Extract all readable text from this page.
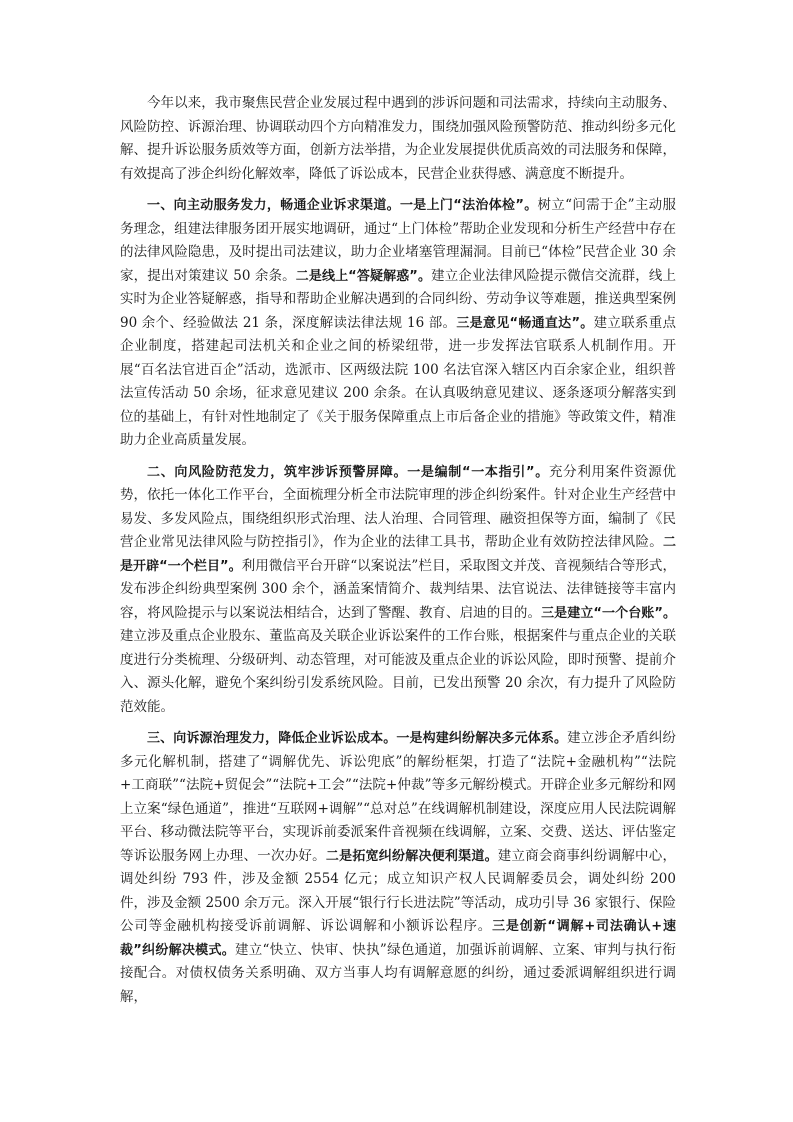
今年以来，我市聚焦民营企业发展过程中遇到的涉诉问题和司法需求，持续向主动服务、风险防控、诉源治理、协调联动四个方向精准发力，围绕加强风险预警防范、推动纠纷多元化解、提升诉讼服务质效等方面，创新方法举措，为企业发展提供优质高效的司法服务和保障，有效提高了涉企纠纷化解效率，降低了诉讼成本，民营企业获得感、满意度不断提升。

一、向主动服务发力，畅通企业诉求渠道。一是上门“法治体检”。树立“问需于企”主动服务理念，组建法律服务团开展实地调研，通过“上门体检”帮助企业发现和分析生产经营中存在的法律风险隐患，及时提出司法建议，助力企业堵塞管理漏洞。目前已“体检”民营企业 30 余家，提出对策建议 50 余条。二是线上“答疑解惑”。建立企业法律风险提示微信交流群，线上实时为企业答疑解惑，指导和帮助企业解决遇到的合同纠纷、劳动争议等难题，推送典型案例 90 余个、经验做法 21 条，深度解读法律法规 16 部。三是意见“畅通直达”。建立联系重点企业制度，搭建起司法机关和企业之间的桥梁纽带，进一步发挥法官联系人机制作用。开展“百名法官进百企”活动，选派市、区两级法院 100 名法官深入辖区内百余家企业，组织普法宣传活动 50 余场，征求意见建议 200 余条。在认真吸纳意见建议、逐条逐项分解落实到位的基础上，有针对性地制定了《关于服务保障重点上市后备企业的措施》等政策文件，精准助力企业高质量发展。

二、向风险防范发力，筑牢涉诉预警屏障。一是编制“一本指引”。充分利用案件资源优势，依托一体化工作平台，全面梳理分析全市法院审理的涉企纠纷案件。针对企业生产经营中易发、多发风险点，围绕组织形式治理、法人治理、合同管理、融资担保等方面，编制了《民营企业常见法律风险与防控指引》，作为企业的法律工具书，帮助企业有效防控法律风险。二是开辟“一个栏目”。利用微信平台开辟“以案说法”栏目，采取图文并茂、音视频结合等形式，发布涉企纠纷典型案例 300 余个，涵盖案情简介、裁判结果、法官说法、法律链接等丰富内容，将风险提示与以案说法相结合，达到了警醒、教育、启迪的目的。三是建立“一个台账”。建立涉及重点企业股东、董监高及关联企业诉讼案件的工作台账，根据案件与重点企业的关联度进行分类梳理、分级研判、动态管理，对可能波及重点企业的诉讼风险，即时预警、提前介入、源头化解，避免个案纠纷引发系统风险。目前，已发出预警 20 余次，有力提升了风险防范效能。

三、向诉源治理发力，降低企业诉讼成本。一是构建纠纷解决多元体系。建立涉企矛盾纠纷多元化解机制，搭建了“调解优先、诉讼兜底”的解纷框架，打造了“法院+金融机构”“法院+工商联”“法院+贸促会”“法院+工会”“法院+仲裁”等多元解纷模式。开辟企业多元解纷和网上立案“绿色通道”，推进“互联网+调解”“总对总”在线调解机制建设，深度应用人民法院调解平台、移动微法院等平台，实现诉前委派案件音视频在线调解，立案、交费、送达、评估鉴定等诉讼服务网上办理、一次办好。二是拓宽纠纷解决便利渠道。建立商会商事纠纷调解中心，调处纠纷 793 件，涉及金额 2554 亿元；成立知识产权人民调解委员会，调处纠纷 200 件，涉及金额 2500 余万元。深入开展“银行行长进法院”等活动，成功引导 36 家银行、保险公司等金融机构接受诉前调解、诉讼调解和小额诉讼程序。三是创新“调解+司法确认+速裁”纠纷解决模式。建立“快立、快审、快执”绿色通道，加强诉前调解、立案、审判与执行衔接配合。对债权债务关系明确、双方当事人均有调解意愿的纠纷，通过委派调解组织进行调解，
